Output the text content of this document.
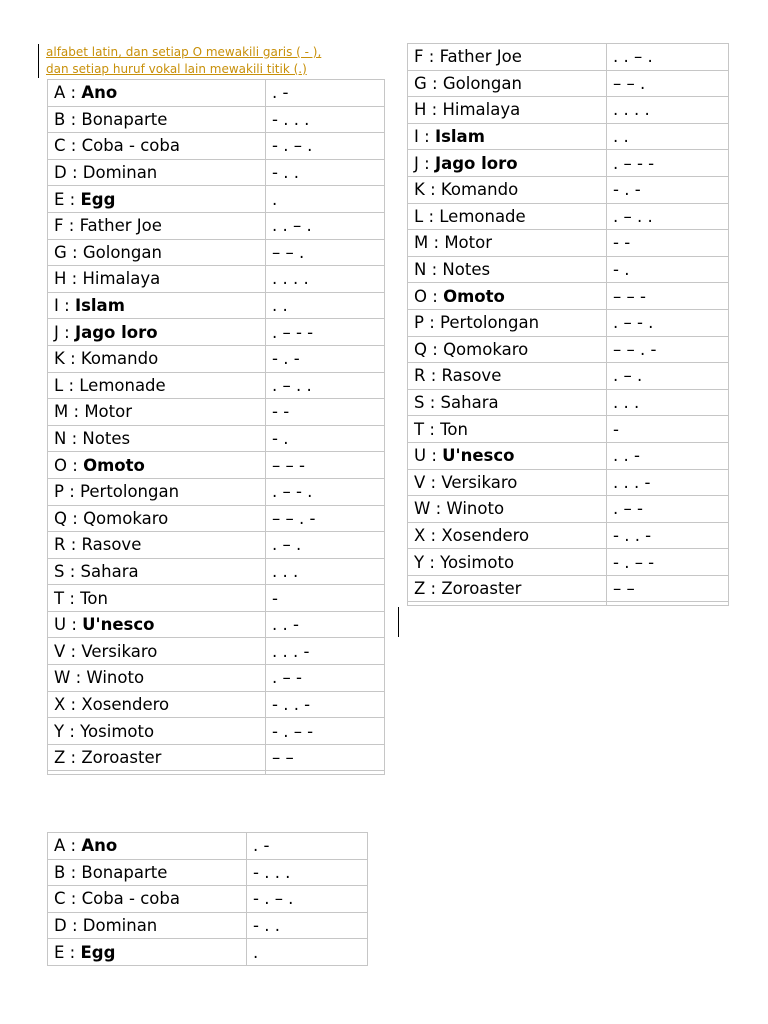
alfabet latin, dan setiap O mewakili garis ( - ),
dan setiap huruf vokal lain mewakili titik (.)
A : Ano	. -
B : Bonaparte	- . . .
C : Coba - coba	- . – .
D : Dominan	- . .
E : Egg	.
F : Father Joe	. . – .
G : Golongan	– – .
H : Himalaya	. . . .
I : Islam	. .
J : Jago loro	. – - -
K : Komando	- . -
L : Lemonade	. – . .
M : Motor	- -
N : Notes	- .
O : Omoto	– – -
P : Pertolongan	. – - .
Q : Qomokaro	– – . -
R : Rasove	. – .
S : Sahara	. . .
T : Ton	-
U : U'nesco	. . -
V : Versikaro	. . . -
W : Winoto	. – -
X : Xosendero	- . . -
Y : Yosimoto	- . – -
Z : Zoroaster	– –

F : Father Joe	. . – .
G : Golongan	– – .
H : Himalaya	. . . .
I : Islam	. .
J : Jago loro	. – - -
K : Komando	- . -
L : Lemonade	. – . .
M : Motor	- -
N : Notes	- .
O : Omoto	– – -
P : Pertolongan	. – - .
Q : Qomokaro	– – . -
R : Rasove	. – .
S : Sahara	. . .
T : Ton	-
U : U'nesco	. . -
V : Versikaro	. . . -
W : Winoto	. – -
X : Xosendero	- . . -
Y : Yosimoto	- . – -
Z : Zoroaster	– –

A : Ano	. -
B : Bonaparte	- . . .
C : Coba - coba	- . – .
D : Dominan	- . .
E : Egg	.
